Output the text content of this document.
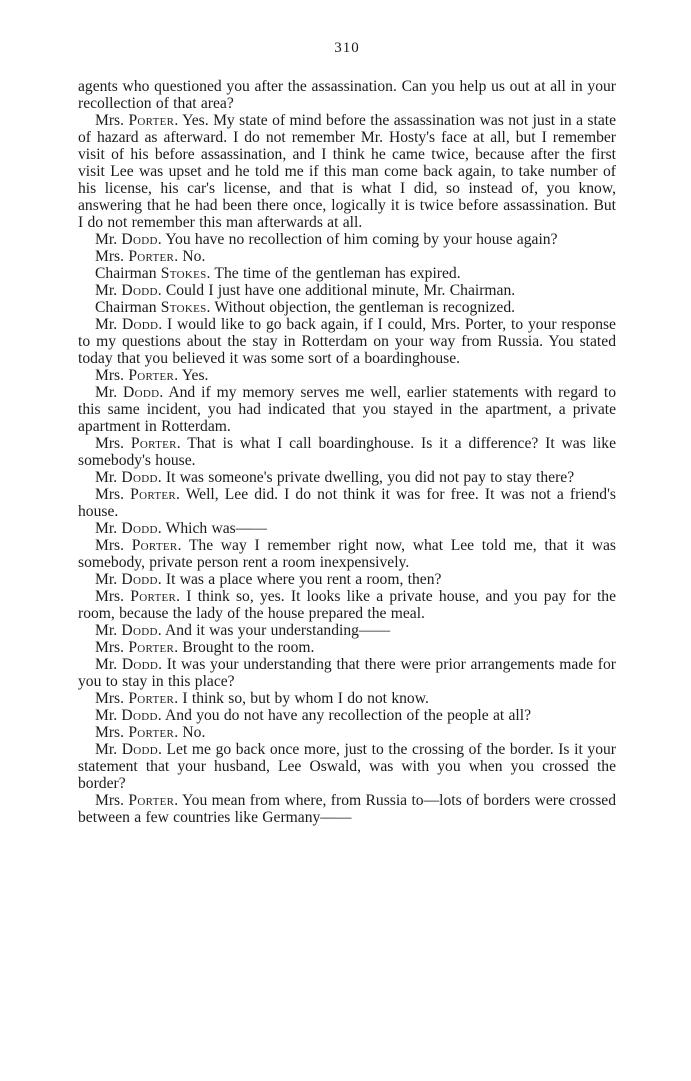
310

agents who questioned you after the assassination. Can you help us out at all in your recollection of that area?

Mrs. Porter. Yes. My state of mind before the assassination was not just in a state of hazard as afterward. I do not remember Mr. Hosty's face at all, but I remember visit of his before assassination, and I think he came twice, because after the first visit Lee was upset and he told me if this man come back again, to take number of his license, his car's license, and that is what I did, so instead of, you know, answering that he had been there once, logically it is twice before assassination. But I do not remember this man afterwards at all.

Mr. Dodd. You have no recollection of him coming by your house again?

Mrs. Porter. No.

Chairman Stokes. The time of the gentleman has expired.

Mr. Dodd. Could I just have one additional minute, Mr. Chairman.

Chairman Stokes. Without objection, the gentleman is recognized.

Mr. Dodd. I would like to go back again, if I could, Mrs. Porter, to your response to my questions about the stay in Rotterdam on your way from Russia. You stated today that you believed it was some sort of a boardinghouse.

Mrs. Porter. Yes.

Mr. Dodd. And if my memory serves me well, earlier statements with regard to this same incident, you had indicated that you stayed in the apartment, a private apartment in Rotterdam.

Mrs. Porter. That is what I call boardinghouse. Is it a difference? It was like somebody's house.

Mr. Dodd. It was someone's private dwelling, you did not pay to stay there?

Mrs. Porter. Well, Lee did. I do not think it was for free. It was not a friend's house.

Mr. Dodd. Which was——

Mrs. Porter. The way I remember right now, what Lee told me, that it was somebody, private person rent a room inexpensively.

Mr. Dodd. It was a place where you rent a room, then?

Mrs. Porter. I think so, yes. It looks like a private house, and you pay for the room, because the lady of the house prepared the meal.

Mr. Dodd. And it was your understanding——

Mrs. Porter. Brought to the room.

Mr. Dodd. It was your understanding that there were prior arrangements made for you to stay in this place?

Mrs. Porter. I think so, but by whom I do not know.

Mr. Dodd. And you do not have any recollection of the people at all?

Mrs. Porter. No.

Mr. Dodd. Let me go back once more, just to the crossing of the border. Is it your statement that your husband, Lee Oswald, was with you when you crossed the border?

Mrs. Porter. You mean from where, from Russia to—lots of borders were crossed between a few countries like Germany——
